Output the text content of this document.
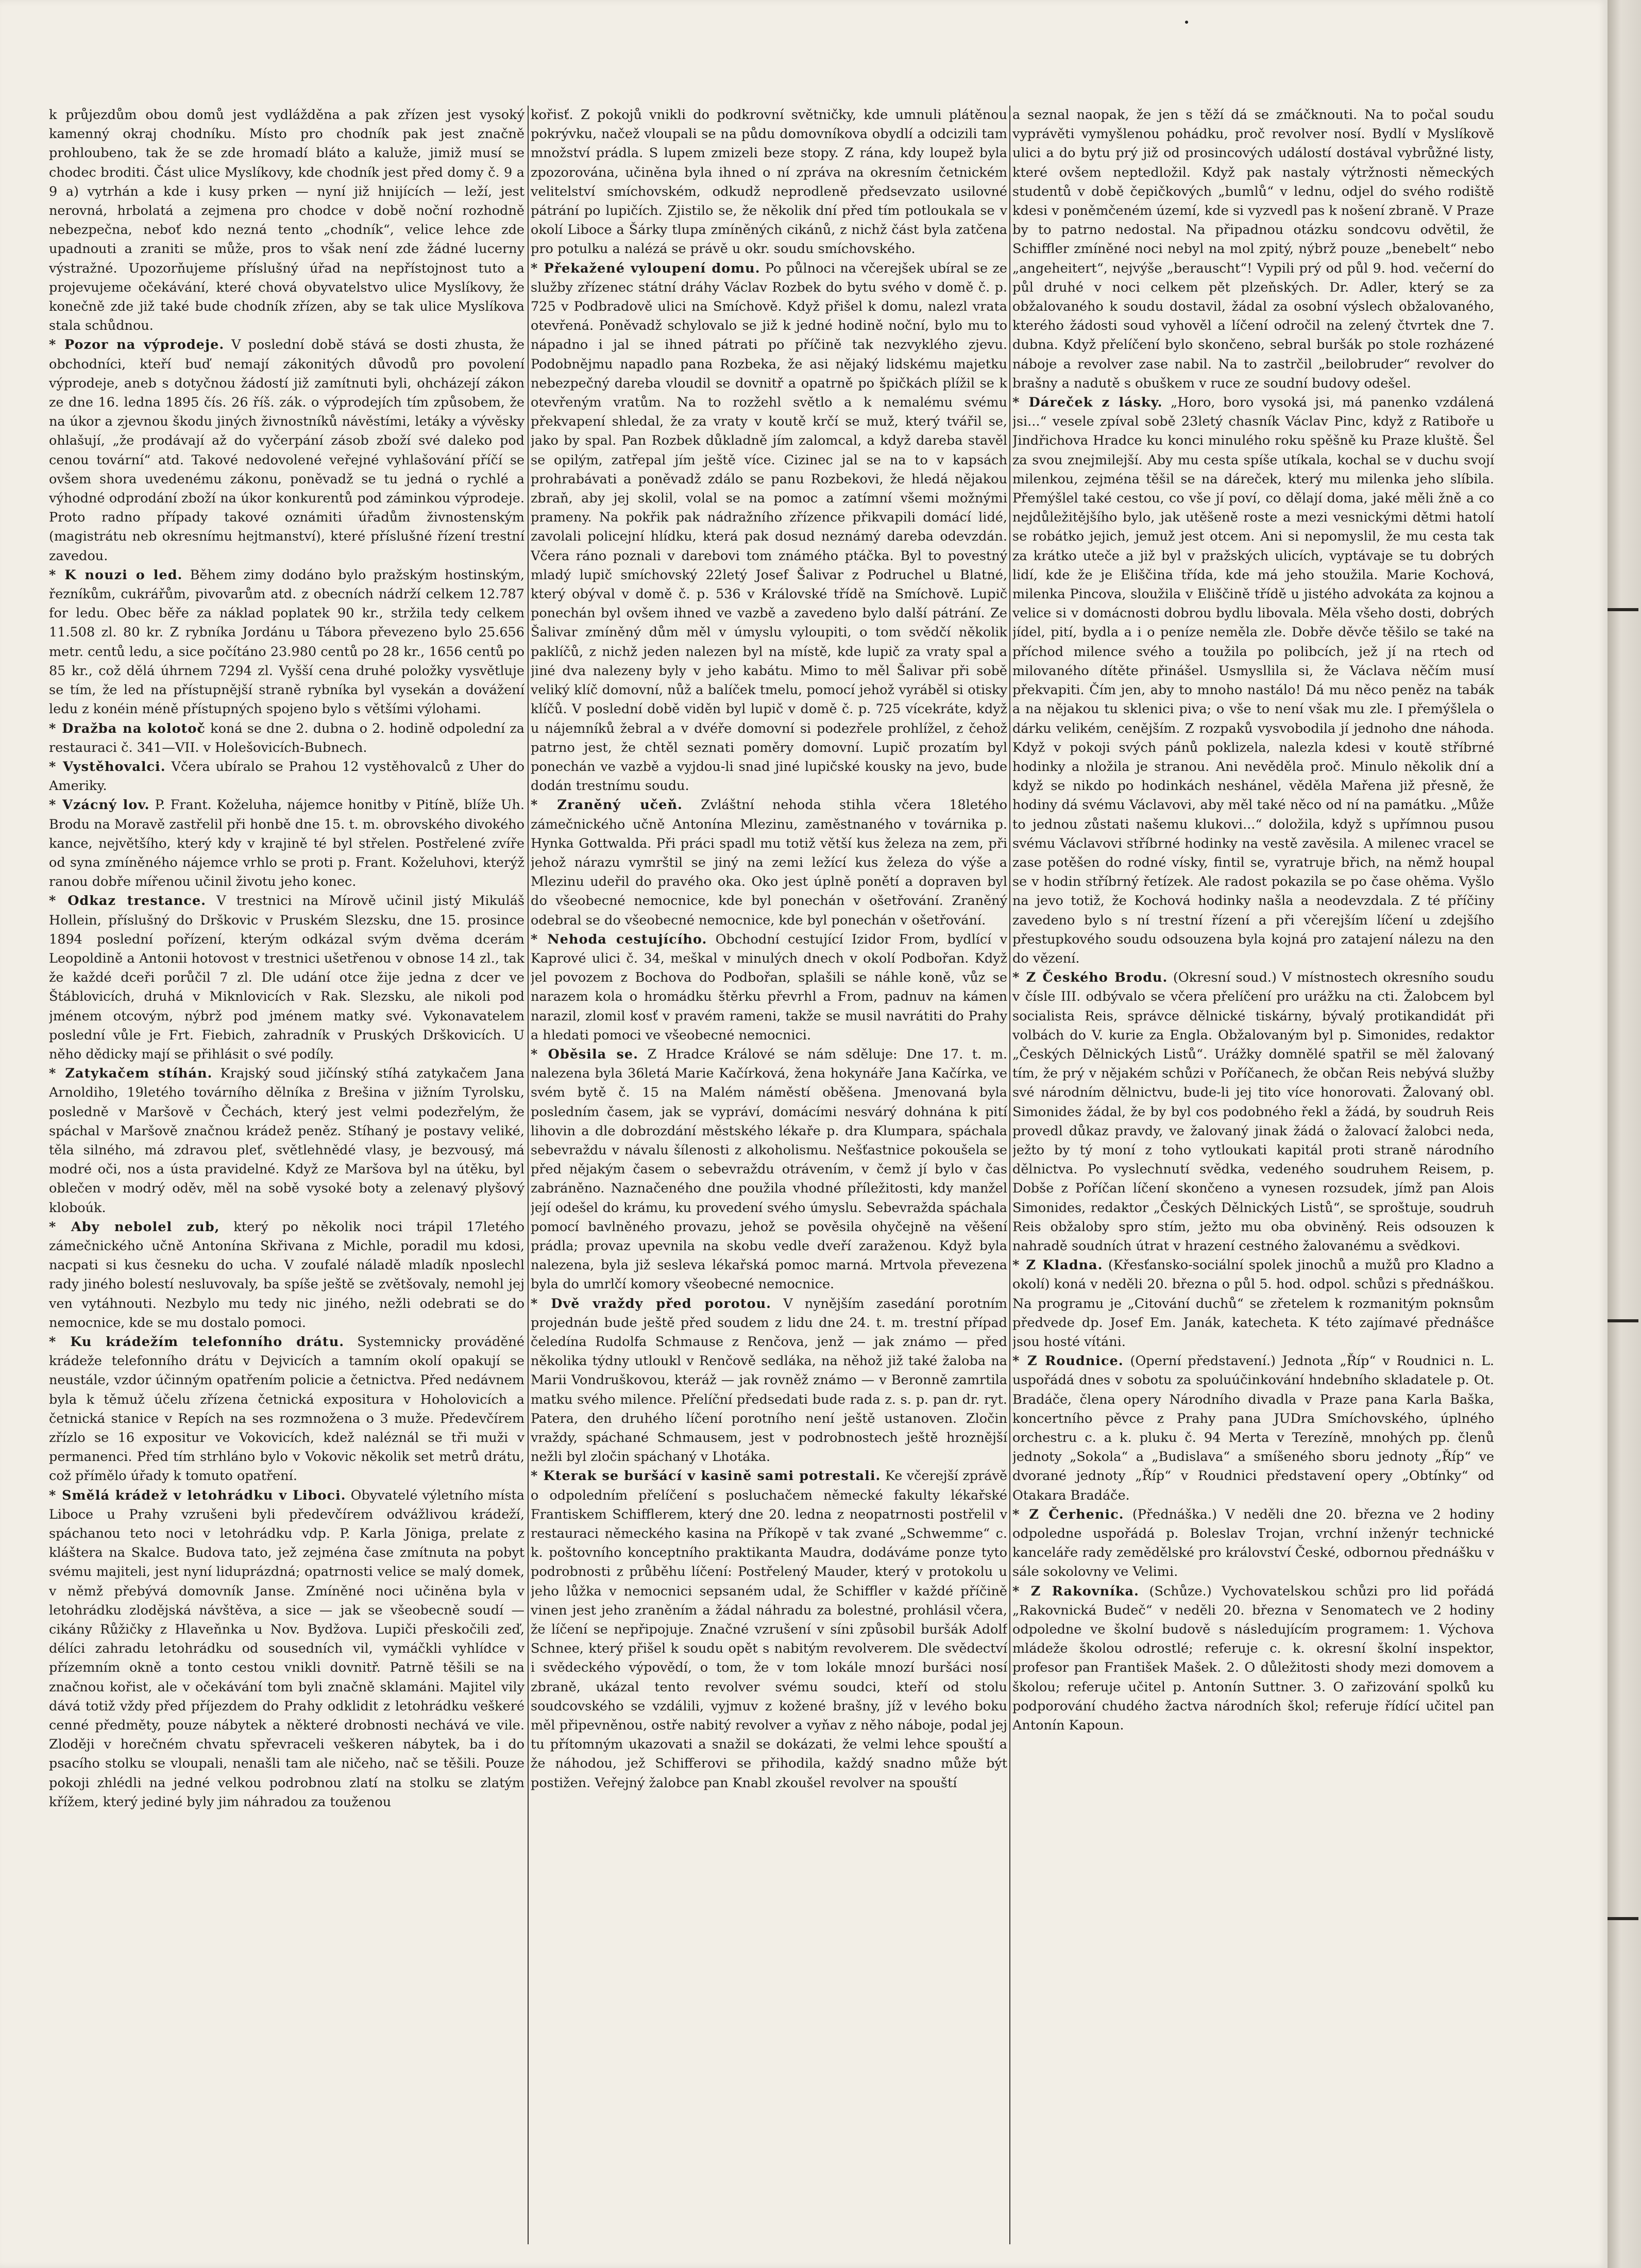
k průjezdům obou domů jest vydlážděna a pak zřízen jest vysoký kamenný okraj chodníku. Místo pro chodník pak jest značně prohloubeno, tak že se zde hromadí bláto a kaluže, jimiž musí se chodec broditi. Část ulice Myslíkovy, kde chodník jest před domy č. 9 a 9 a) vytrhán a kde i kusy prken — nyní již hnijících — leží, jest nerovná, hrbolatá a zejmena pro chodce v době noční rozhodně nebezpečna, neboť kdo nezná tento „chodník“, velice lehce zde upadnouti a zraniti se může, pros to však není zde žádné lucerny výstražné. Upozorňujeme příslušný úřad na nepřístojnost tuto a projevujeme očekávání, které chová obyvatelstvo ulice Myslíkovy, že konečně zde již také bude chodník zřízen, aby se tak ulice Myslíkova stala schůdnou.

* Pozor na výprodeje. V poslední době stává se dosti zhusta, že obchodníci, kteří buď nemají zákonitých důvodů pro povolení výprodeje, aneb s dotyčnou žádostí již zamítnuti byli, ohcházejí zákon ze dne 16. ledna 1895 čís. 26 říš. zák. o výprodejích tím způsobem, že na úkor a zjevnou škodu jiných živnostníků návěstími, letáky a vývěsky ohlašují, „že prodávají až do vyčerpání zásob zboží své daleko pod cenou tovární“ atd. Takové nedovolené veřejné vyhlašování příčí se ovšem shora uvedenému zákonu, poněvadž se tu jedná o rychlé a výhodné odprodání zboží na úkor konkurentů pod záminkou výprodeje. Proto radno případy takové oznámiti úřadům živnostenským (magistrátu neb okresnímu hejtmanství), které příslušné řízení trestní zavedou.

* K nouzi o led. Během zimy dodáno bylo pražským hostinským, řezníkům, cukrářům, pivovarům atd. z obecních nádrží celkem 12.787 for ledu. Obec běře za náklad poplatek 90 kr., stržila tedy celkem 11.508 zl. 80 kr. Z rybníka Jordánu u Tábora převezeno bylo 25.656 metr. centů ledu, a sice počítáno 23.980 centů po 28 kr., 1656 centů po 85 kr., což dělá úhrnem 7294 zl. Vyšší cena druhé položky vysvětluje se tím, že led na přístupnější straně rybníka byl vysekán a dovážení ledu z konéin méně přístupných spojeno bylo s většími výlohami.

* Dražba na kolotoč koná se dne 2. dubna o 2. hodině odpolední za restauraci č. 341—VII. v Holešovicích-Bubnech.

* Vystěhovalci. Včera ubíralo se Prahou 12 vystěhovalců z Uher do Ameriky.

* Vzácný lov. P. Frant. Koželuha, nájemce honitby v Pitíně, blíže Uh. Brodu na Moravě zastřelil při honbě dne 15. t. m. obrovského divokého kance, největšího, který kdy v krajině té byl střelen. Postřelené zvíře od syna zmíněného nájemce vrhlo se proti p. Frant. Koželuhovi, kterýž ranou dobře mířenou učinil životu jeho konec.

* Odkaz trestance. V trestnici na Mírově učinil jistý Mikuláš Hollein, příslušný do Drškovic v Pruském Slezsku, dne 15. prosince 1894 poslední pořízení, kterým odkázal svým dvěma dcerám Leopoldině a Antonii hotovost v trestnici ušetřenou v obnose 14 zl., tak že každé dceři porůčil 7 zl. Dle udání otce žije jedna z dcer ve Štáblovicích, druhá v Miknlovicích v Rak. Slezsku, ale nikoli pod jménem otcovým, nýbrž pod jménem matky své. Vykonavatelem poslední vůle je Frt. Fiebich, zahradník v Pruských Drškovicích. U něho dědicky mají se přihlásit o své podíly.

* Zatykačem stíhán. Krajský soud jičínský stíhá zatykačem Jana Arnoldiho, 19letého továrního dělníka z Brešina v jižním Tyrolsku, posledně v Maršově v Čechách, který jest velmi podezřelým, že spáchal v Maršově značnou krádež peněz. Stíhaný je postavy veliké, těla silného, má zdravou pleť, světlehnědé vlasy, je bezvousý, má modré oči, nos a ústa pravidelné. Když ze Maršova byl na útěku, byl oblečen v modrý oděv, měl na sobě vysoké boty a zelenavý plyšový kloboúk.

* Aby nebolel zub, který po několik noci trápil 17letého zámečnického učně Antonína Skřivana z Michle, poradil mu kdosi, nacpati si kus česneku do ucha. V zoufalé náladě mladík nposlechl rady jiného bolestí nesluvovaly, ba spíše ještě se zvětšovaly, nemohl jej ven vytáhnouti. Nezbylo mu tedy nic jiného, nežli odebrati se do nemocnice, kde se mu dostalo pomoci.

* Ku krádežím telefonního drátu. Systemnicky prováděné krádeže telefonního drátu v Dejvicích a tamním okolí opakují se neustále, vzdor účinným opatřením policie a četnictva. Před nedávnem byla k těmuž účelu zřízena četnická expositura v Hoholovicích a četnická stanice v Repích na ses rozmnožena o 3 muže. Předevčírem zřízlo se 16 expositur ve Vokovicích, kdež naléznál se tři muži v permanenci. Před tím strhláno bylo v Vokovic několik set metrů drátu, což přímělo úřady k tomuto opatření.

* Smělá krádež v letohrádku v Liboci. Obyvatelé výletního místa Liboce u Prahy vzrušeni byli předevčírem odvážlivou krádeží, spáchanou teto noci v letohrádku vdp. P. Karla Jöniga, prelate z kláštera na Skalce. Budova tato, jež zejména čase zmítnuta na pobyt svému majiteli, jest nyní liduprázdná; opatrnosti velice se malý domek, v němž přebývá domovník Janse. Zmíněné noci učiněna byla v letohrádku zlodějská návštěva, a sice — jak se všeobecně soudí — cikány Růžičky z Hlaveňnka u Nov. Bydžova. Lupiči přeskočili zeď, délíci zahradu letohrádku od sousedních vil, vymáčkli vyhlídce v přízemním okně a tonto cestou vnikli dovnitř. Patrně těšili se na značnou kořist, ale v očekávání tom byli značně sklamáni. Majitel vily dává totiž vždy před příjezdem do Prahy odklidit z letohrádku veškeré cenné předměty, pouze nábytek a některé drobnosti nechává ve vile. Zloději v horečném chvatu spřevraceli veškeren nábytek, ba i do psacího stolku se vloupali, nenašli tam ale ničeho, nač se těšili. Pouze pokoji zhlédli na jedné velkou podrobnou zlatí na stolku se zlatým křížem, který jediné byly jim náhradou za touženou

kořisť. Z pokojů vnikli do podkrovní světničky, kde umnuli plátěnou pokrývku, načež vloupali se na půdu domovníkova obydlí a odcizili tam množství prádla. S lupem zmizeli beze stopy. Z rána, kdy loupež byla zpozorována, učiněna byla ihned o ní zpráva na okresním četnickém velitelství smíchovském, odkudž neprodleně předsevzato usilovné pátrání po lupičích. Zjistilo se, že několik dní před tím potloukala se v okolí Liboce a Šárky tlupa zmíněných cikánů, z nichž část byla zatčena pro potulku a nalézá se právě u okr. soudu smíchovského.

* Překažené vyloupení domu. Po půlnoci na včerejšek ubíral se ze služby zřízenec státní dráhy Václav Rozbek do bytu svého v domě č. p. 725 v Podbradově ulici na Smíchově. Když přišel k domu, nalezl vrata otevřená. Poněvadž schylovalo se již k jedné hodině noční, bylo mu to nápadno i jal se ihned pátrati po příčině tak nezvyklého zjevu. Podobnějmu napadlo pana Rozbeka, že asi nějaký lidskému majetku nebezpečný dareba vloudil se dovnitř a opatrně po špičkách plížil se k otevřeným vratům. Na to rozžehl světlo a k nemalému svému překvapení shledal, že za vraty v koutě krčí se muž, který tvářil se, jako by spal. Pan Rozbek důkladně jím zalomcal, a když dareba stavěl se opilým, zatřepal jím ještě více. Cizinec jal se na to v kapsách prohrabávati a poněvadž zdálo se panu Rozbekovi, že hledá nějakou zbraň, aby jej skolil, volal se na pomoc a zatímní všemi možnými prameny. Na pokřik pak nádražního zřízence přikvapili domácí lidé, zavolali policejní hlídku, která pak dosud neznámý dareba odevzdán. Včera ráno poznali v darebovi tom známého ptáčka. Byl to povestný mladý lupič smíchovský 22letý Josef Šalivar z Podruchel u Blatné, který obýval v domě č. p. 536 v Královské třídě na Smíchově. Lupič ponechán byl ovšem ihned ve vazbě a zavedeno bylo další pátrání. Ze Šalivar zmíněný dům měl v úmyslu vyloupiti, o tom svědčí několik paklíčů, z nichž jeden nalezen byl na místě, kde lupič za vraty spal a jiné dva nalezeny byly v jeho kabátu. Mimo to měl Šalivar při sobě veliký klíč domovní, nůž a balíček tmelu, pomocí jehož vyráběl si otisky klíčů. V poslední době viděn byl lupič v domě č. p. 725 vícekráte, když u nájemníků žebral a v dvéře domovní si podezřele prohlížel, z čehož patrno jest, že chtěl seznati poměry domovní. Lupič prozatím byl ponechán ve vazbě a vyjdou-li snad jiné lupičské kousky na jevo, bude dodán trestnímu soudu.

* Zraněný učeň. Zvláštní nehoda stihla včera 18letého zámečnického učně Antonína Mlezinu, zaměstnaného v továrnika p. Hynka Gottwalda. Při práci spadl mu totiž větší kus železa na zem, při jehož nárazu vymrštil se jiný na zemi ležící kus železa do výše a Mlezinu udeřil do pravého oka. Oko jest úplně ponětí a dopraven byl do všeobecné nemocnice, kde byl ponechán v ošetřování. Zraněný odebral se do všeobecné nemocnice, kde byl ponechán v ošetřování.

* Nehoda cestujícího. Obchodní cestující Izidor From, bydlící v Kaprové ulici č. 34, meškal v minulých dnech v okolí Podbořan. Když jel povozem z Bochova do Podbořan, splašili se náhle koně, vůz se narazem kola o hromádku štěrku převrhl a From, padnuv na kámen narazil, zlomil kosť v pravém rameni, takže se musil navrátiti do Prahy a hledati pomoci ve všeobecné nemocnici.

* Oběsila se. Z Hradce Králové se nám sděluje: Dne 17. t. m. nalezena byla 36letá Marie Kačírková, žena hokynáře Jana Kačírka, ve svém bytě č. 15 na Malém náměstí oběšena. Jmenovaná byla posledním časem, jak se vypráví, domácími nesvárý dohnána k pití lihovin a dle dobrozdání městského lékaře p. dra Klumpara, spáchala sebevraždu v návalu šílenosti z alkoholismu. Nešťastnice pokoušela se před nějakým časem o sebevraždu otrávením, v čemž jí bylo v čas zabráněno. Naznačeného dne použila vhodné příležitosti, kdy manžel její odešel do krámu, ku provedení svého úmyslu. Sebevražda spáchala pomocí bavlněného provazu, jehož se pověsila ohyčejně na věšení prádla; provaz upevnila na skobu vedle dveří zaraženou. Když byla nalezena, byla již sesleva lékařská pomoc marná. Mrtvola převezena byla do umrlčí komory všeobecné nemocnice.

* Dvě vraždy před porotou. V nynějším zasedání porotním projednán bude ještě před soudem z lidu dne 24. t. m. trestní případ čeledína Rudolfa Schmause z Renčova, jenž — jak známo — před několika týdny utloukl v Renčově sedláka, na něhož již také žaloba na Marii Vondruškovou, kteráž — jak rovněž známo — v Beronně zamrtila matku svého milence. Přelíční předsedati bude rada z. s. p. pan dr. ryt. Patera, den druhého líčení porotního není ještě ustanoven. Zločin vraždy, spáchané Schmausem, jest v podrobnostech ještě hroznější nežli byl zločin spáchaný v Lhotáka.

* Kterak se buršácí v kasině sami potrestali. Ke včerejší zprávě o odpoledním přelíčení s posluchačem německé fakulty lékařské Frantiskem Schifflerem, který dne 20. ledna z neopatrnosti postřelil v restauraci německého kasina na Příkopě v tak zvané „Schwemme“ c. k. poštovního konceptního praktikanta Maudra, dodáváme ponze tyto podrobnosti z průběhu líčení: Postřelený Mauder, který v protokolu u jeho lůžka v nemocnici sepsaném udal, že Schiffler v každé příčině vinen jest jeho zraněním a žádal náhradu za bolestné, prohlásil včera, že líčení se nepřipojuje. Značné vzrušení v síni způsobil buršák Adolf Schnee, který přišel k soudu opět s nabitým revolverem. Dle svědectví i svědeckého výpovědí, o tom, že v tom lokále mnozí buršáci nosí zbraně, ukázal tento revolver svému soudci, kteří od stolu soudcovského se vzdálili, vyjmuv z kožené brašny, jíž v levého boku měl připevněnou, ostře nabitý revolver a vyňav z něho náboje, podal jej tu přítomným ukazovati a snažil se dokázati, že velmi lehce spouští a že náhodou, jež Schifferovi se přihodila, každý snadno může být postižen. Veřejný žalobce pan Knabl zkoušel revolver na spouští

a seznal naopak, že jen s těží dá se zmáčknouti. Na to počal soudu vyprávěti vymyšlenou pohádku, proč revolver nosí. Bydlí v Myslíkově ulici a do bytu prý již od prosincových událostí dostával vybrůžné listy, které ovšem neptedložil. Když pak nastaly výtržnosti německých studentů v době čepičkových „bumlů“ v lednu, odjel do svého rodiště kdesi v poněmčeném území, kde si vyzvedl pas k nošení zbraně. V Praze by to patrno nedostal. Na připadnou otázku sondcovu odvětil, že Schiffler zmíněné noci nebyl na mol zpitý, nýbrž pouze „benebelt“ nebo „angeheitert“, nejvýše „berauscht“! Vypili prý od půl 9. hod. večerní do půl druhé v noci celkem pět plzeňských. Dr. Adler, který se za obžalovaného k soudu dostavil, žádal za osobní výslech obžalovaného, kterého žádosti soud vyhověl a líčení odročil na zelený čtvrtek dne 7. dubna. Když přelíčení bylo skončeno, sebral buršák po stole rozházené náboje a revolver zase nabil. Na to zastrčil „beilobruder“ revolver do brašny a nadutě s obuškem v ruce ze soudní budovy odešel.

* Dáreček z lásky. „Horo, boro vysoká jsi, má panenko vzdálená jsi...“ vesele zpíval sobě 23letý chasník Václav Pinc, když z Ratiboře u Jindřichova Hradce ku konci minulého roku spěšně ku Praze kluště. Šel za svou znejmilejší. Aby mu cesta spíše utíkala, kochal se v duchu svojí milenkou, zejména těšil se na dáreček, který mu milenka jeho slíbila. Přemýšlel také cestou, co vše jí poví, co dělají doma, jaké měli žně a co nejdůležitějšího bylo, jak utěšeně roste a mezi vesnickými dětmi hatolí se robátko jejich, jemuž jest otcem. Ani si nepomyslil, že mu cesta tak za krátko uteče a již byl v pražských ulicích, vyptávaje se tu dobrých lidí, kde že je Eliščina třída, kde má jeho stoužila. Marie Kochová, milenka Pincova, sloužila v Eliščině třídě u jistého advokáta za kojnou a velice si v domácnosti dobrou bydlu libovala. Měla všeho dosti, dobrých jídel, pití, bydla a i o peníze neměla zle. Dobře děvče těšilo se také na příchod milence svého a toužila po polibcích, jež jí na rtech od milovaného dítěte přinášel. Usmysllila si, že Václava něčím musí překvapiti. Čím jen, aby to mnoho nastálo! Dá mu něco peněz na tabák a na nějakou tu sklenici piva; o vše to není však mu zle. I přemýšlela o dárku velikém, cenějším. Z rozpaků vysvobodila jí jednoho dne náhoda. Když v pokoji svých pánů poklizela, nalezla kdesi v koutě stříbrné hodinky a nložila je stranou. Ani nevěděla proč. Minulo několik dní a když se nikdo po hodinkách neshánel, věděla Mařena již přesně, že hodiny dá svému Václavovi, aby měl také něco od ní na památku. „Může to jednou zůstati našemu klukovi...“ doložila, když s upřímnou pusou svému Václavovi stříbrné hodinky na vestě zavěsila. A milenec vracel se zase potěšen do rodné vísky, fintil se, vyratruje břich, na němž houpal se v hodin stříbrný řetízek. Ale radost pokazila se po čase ohěma. Vyšlo na jevo totiž, že Kochová hodinky našla a neodevzdala. Z té příčiny zavedeno bylo s ní trestní řízení a při včerejším líčení u zdejšího přestupkového soudu odsouzena byla kojná pro zatajení nálezu na den do vězení.

* Z Českého Brodu. (Okresní soud.) V místnostech okresního soudu v čísle III. odbývalo se včera přelíčení pro urážku na cti. Žalobcem byl socialista Reis, správce dělnické tiskárny, bývalý protikandidát při volbách do V. kurie za Engla. Obžalovaným byl p. Simonides, redaktor „Českých Dělnických Listů“. Urážky domnělé spatřil se měl žalovaný tím, že prý v nějakém schůzi v Poříčanech, že občan Reis nebývá služby své národním dělnictvu, bude-li jej tito více honorovati. Žalovaný obl. Simonides žádal, že by byl cos podobného řekl a žádá, by soudruh Reis provedl důkaz pravdy, ve žalovaný jinak žádá o žalovací žalobci neda, ježto by tý moní z toho vytloukati kapitál proti straně národního dělnictva. Po vyslechnutí svědka, vedeného soudruhem Reisem, p. Dobše z Poříčan líčení skončeno a vynesen rozsudek, jímž pan Alois Simonides, redaktor „Českých Dělnických Listů“, se sproštuje, soudruh Reis obžaloby spro stím, ježto mu oba obviněný. Reis odsouzen k nahradě soudních útrat v hrazení cestného žalovanému a svědkovi.

* Z Kladna. (Křesťansko-sociální spolek jinochů a mužů pro Kladno a okolí) koná v neděli 20. března o půl 5. hod. odpol. schůzi s přednáškou. Na programu je „Citování duchů“ se zřetelem k rozmanitým poknsům předvede dp. Josef Em. Janák, katecheta. K této zajímavé přednášce jsou hosté vítáni.

* Z Roudnice. (Operní představení.) Jednota „Říp“ v Roudnici n. L. uspořádá dnes v sobotu za spoluúčinkování hndebního skladatele p. Ot. Bradáče, člena opery Národního divadla v Praze pana Karla Baška, koncertního pěvce z Prahy pana JUDra Smíchovského, úplného orchestru c. a k. pluku č. 94 Merta v Terezíně, mnohých pp. členů jednoty „Sokola“ a „Budislava“ a smíšeného sboru jednoty „Říp“ ve dvorané jednoty „Říp“ v Roudnici představení opery „Obtínky“ od Otakara Bradáče.

* Z Čerhenic. (Přednáška.) V neděli dne 20. března ve 2 hodiny odpoledne uspořádá p. Boleslav Trojan, vrchní inženýr technické kanceláře rady zemědělské pro království České, odbornou přednášku v sále sokolovny ve Velimi.

* Z Rakovníka. (Schůze.) Vychovatelskou schůzi pro lid pořádá „Rakovnická Budeč“ v neděli 20. března v Senomatech ve 2 hodiny odpoledne ve školní budově s následujícím programem: 1. Výchova mládeže školou odrostlé; referuje c. k. okresní školní inspektor, profesor pan František Mašek. 2. O důležitosti shody mezi domovem a školou; referuje učitel p. Antonín Suttner. 3. O zařizování spolků ku podporování chudého žactva národních škol; referuje řídící učitel pan Antonín Kapoun.
